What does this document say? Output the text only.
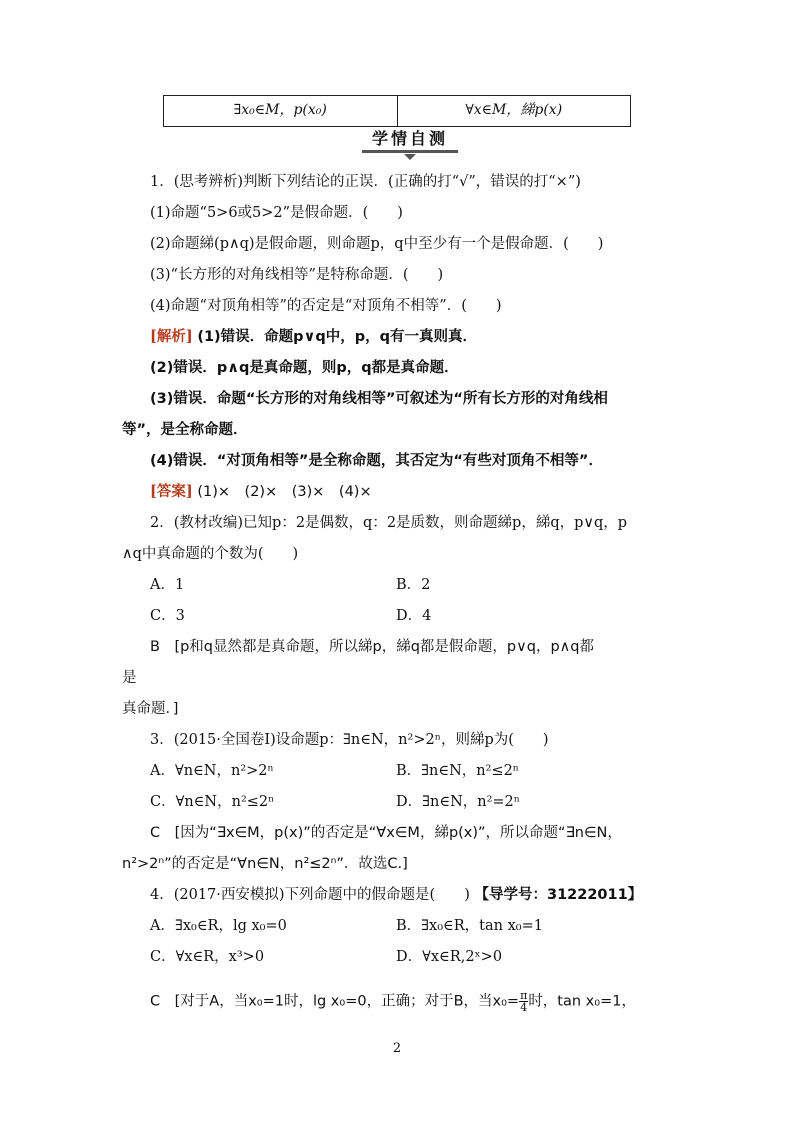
∃x₀∈M，p(x₀)	∀x∈M，綈p(x)
学情自测
1．(思考辨析)判断下列结论的正误．(正确的打“√”，错误的打“×”)
(1)命题“5>6或5>2”是假命题．(　　)
(2)命题綈(p∧q)是假命题，则命题p，q中至少有一个是假命题．(　　)
(3)“长方形的对角线相等”是特称命题．(　　)
(4)命题“对顶角相等”的否定是“对顶角不相等”．(　　)
[解析] (1)错误．命题p∨q中，p，q有一真则真．
(2)错误．p∧q是真命题，则p，q都是真命题．
(3)错误．命题“长方形的对角线相等”可叙述为“所有长方形的对角线相
等”，是全称命题．
(4)错误．“对顶角相等”是全称命题，其否定为“有些对顶角不相等”．
[答案] (1)×　(2)×　(3)×　(4)×
2．(教材改编)已知p：2是偶数，q：2是质数，则命题綈p，綈q，p∨q，p
∧q中真命题的个数为(　　)
A．1	B．2
C．3	D．4
B　[p和q显然都是真命题，所以綈p，綈q都是假命题，p∨q，p∧q都
是
真命题．]
3．(2015·全国卷Ⅰ)设命题p：∃n∈N，n²>2ⁿ，则綈p为(　　)
A．∀n∈N，n²>2ⁿ	B．∃n∈N，n²≤2ⁿ
C．∀n∈N，n²≤2ⁿ	D．∃n∈N，n²=2ⁿ
C　[因为“∃x∈M，p(x)”的否定是“∀x∈M，綈p(x)”，所以命题“∃n∈N，
n²>2ⁿ”的否定是“∀n∈N，n²≤2ⁿ”．故选C.]
4．(2017·西安模拟)下列命题中的假命题是(　　) 【导学号：31222011】
A．∃x₀∈R，lg x₀=0	B．∃x₀∈R，tan x₀=1
C．∀x∈R，x³>0	D．∀x∈R,2ˣ>0
C　[对于A，当x₀=1时，lg x₀=0，正确；对于B，当$x_0= \frac{\pi}{4}$ 时，tan x₀=1，
2
